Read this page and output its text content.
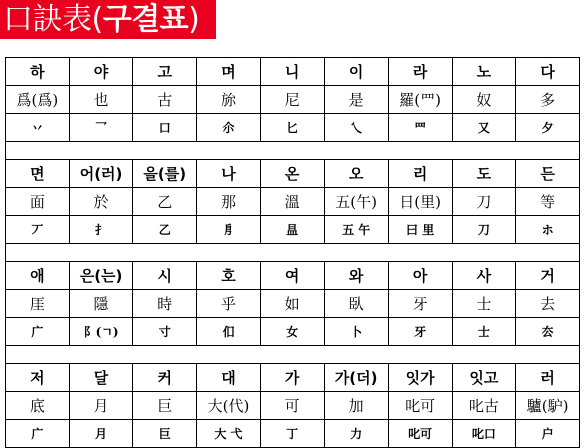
口訣表(구결표)
하	야	고	며	니	이	라	노	다
爲(爲)	也	古	旀	尼	是	羅(罒)	奴	多
丷	乛	口	尒	匕	乀	罒	又	夕

면	어(러)	을(를)	나	온	오	리	도	든
面	於	乙	那	溫	五(午)	日(里)	刀	等
丆	扌	乙	㐆	昷	五 午	曰 里	刀	ホ

애	은(는)	시	호	여	와	아	사	거
厓	隱	時	乎	如	臥	牙	士	去
广	阝(ㄱ)	寸	㐰	女	卜	牙	士	厺

저	달	커	대	가	가(더)	잇가	잇고	러
底	月	巨	大(代)	可	加	叱可	叱古	驢(馿)
广	月	巨	大 弋	丁	力	叱可	叱口	户
